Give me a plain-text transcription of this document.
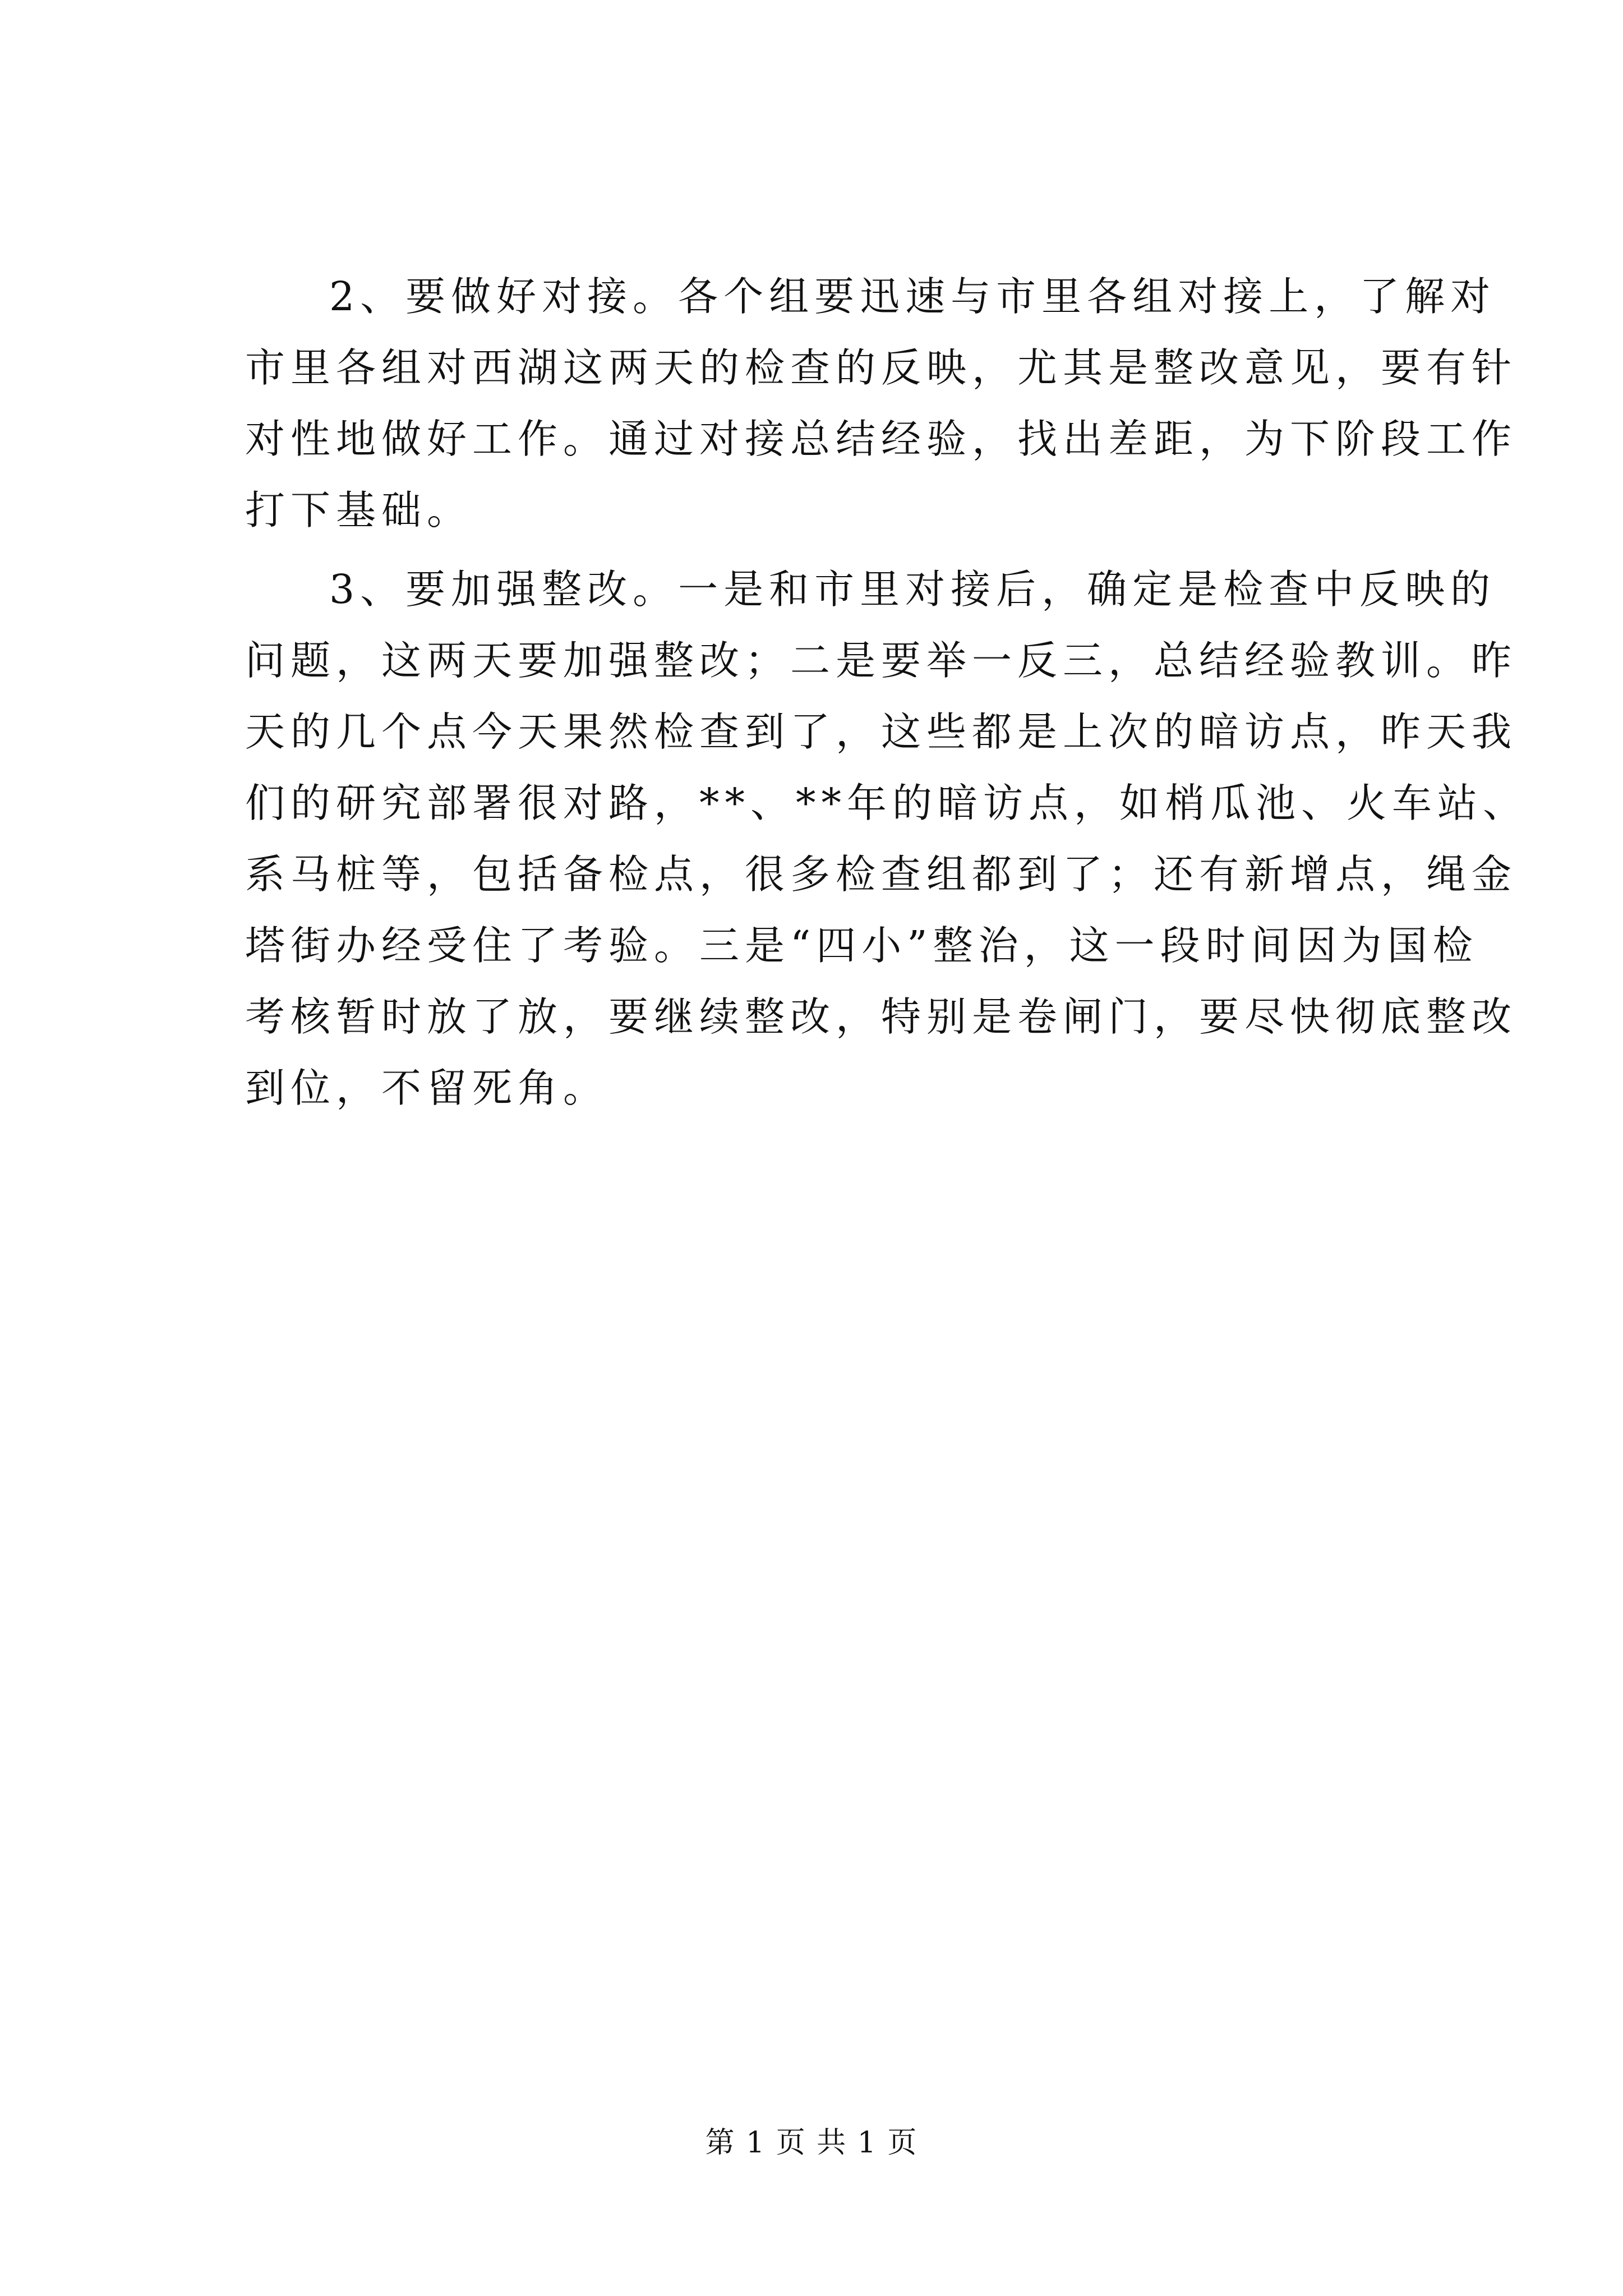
2、要做好对接。各个组要迅速与市里各组对接上，了解对
市里各组对西湖这两天的检查的反映，尤其是整改意见，要有针
对性地做好工作。通过对接总结经验，找出差距，为下阶段工作
打下基础。
3、要加强整改。一是和市里对接后，确定是检查中反映的
问题，这两天要加强整改；二是要举一反三，总结经验教训。昨
天的几个点今天果然检查到了，这些都是上次的暗访点，昨天我
们的研究部署很对路，**、**年的暗访点，如梢瓜池、火车站、
系马桩等，包括备检点，很多检查组都到了；还有新增点，绳金
塔街办经受住了考验。三是“四小”整治，这一段时间因为国检
考核暂时放了放，要继续整改，特别是卷闸门，要尽快彻底整改
到位，不留死角。
第 1 页 共 1 页
